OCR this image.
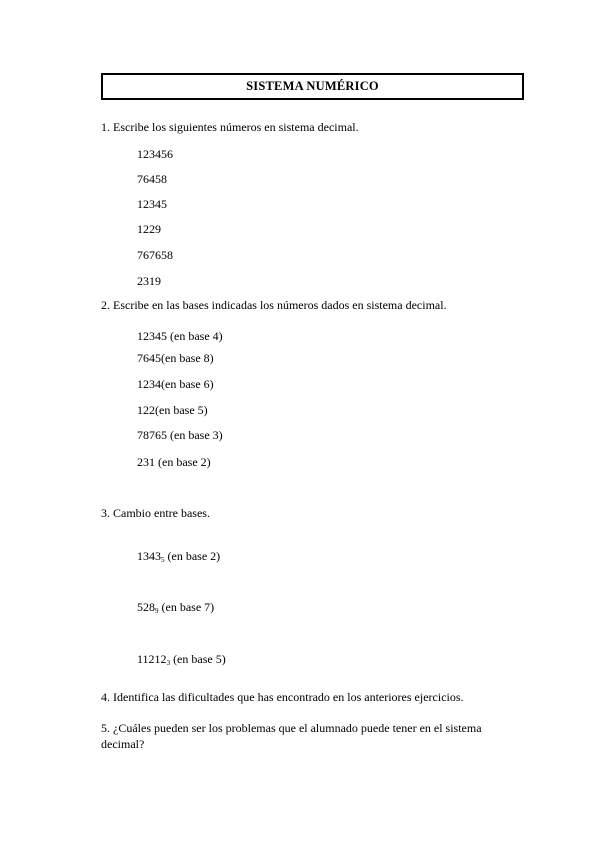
SISTEMA NUMÉRICO
1. Escribe los siguientes números en sistema decimal.
123456
76458
12345
1229
767658
2319
2. Escribe en las bases indicadas los números dados en sistema decimal.
12345 (en base 4)
7645(en base 8)
1234(en base 6)
122(en base 5)
78765 (en base 3)
231 (en base 2)
3. Cambio entre bases.
$1343_5$ (en base 2)
$528_9$ (en base 7)
$11212_3$ (en base 5)
4. Identifica las dificultades que has encontrado en los anteriores ejercicios.
5. ¿Cuáles pueden ser los problemas que el alumnado puede tener en el sistema decimal?
